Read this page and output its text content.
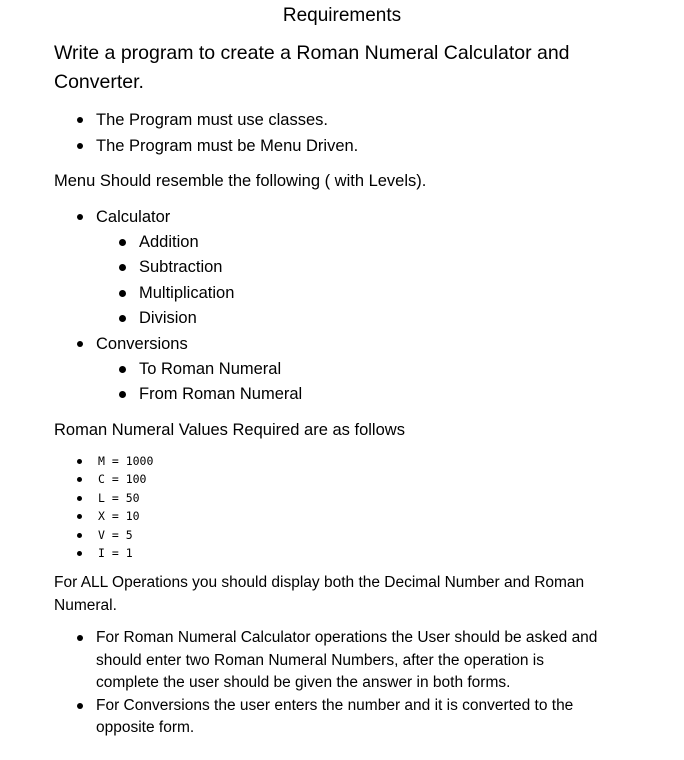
Requirements
Write a program to create a Roman Numeral Calculator and
Converter.
The Program must use classes.
The Program must be Menu Driven.
Menu Should resemble the following ( with Levels).
Calculator
Addition
Subtraction
Multiplication
Division
Conversions
To Roman Numeral
From Roman Numeral
Roman Numeral Values Required are as follows
M = 1000
C = 100
L = 50
X = 10
V = 5
I = 1
For ALL Operations you should display both the Decimal Number and Roman
Numeral.
For Roman Numeral Calculator operations the User should be asked and
should enter two Roman Numeral Numbers, after the operation is
complete the user should be given the answer in both forms.
For Conversions the user enters the number and it is converted to the
opposite form.
